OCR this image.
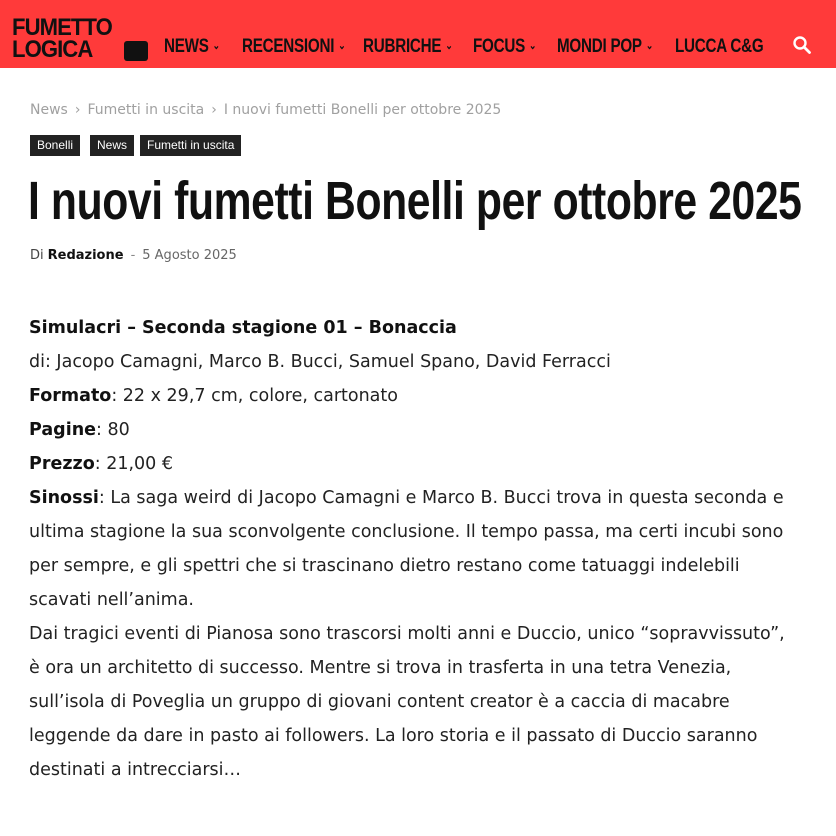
FUMETTO
LOGICA	NEWS ⌄ RECENSIONI ⌄ RUBRICHE ⌄ FOCUS ⌄ MONDI POP ⌄ LUCCA C&G
News › Fumetti in uscita › I nuovi fumetti Bonelli per ottobre 2025
Bonelli	News	Fumetti in uscita
I nuovi fumetti Bonelli per ottobre 2025
Di Redazione - 5 Agosto 2025
Simulacri – Seconda stagione 01 – Bonaccia
di: Jacopo Camagni, Marco B. Bucci, Samuel Spano, David Ferracci
Formato: 22 x 29,7 cm, colore, cartonato
Pagine: 80
Prezzo: 21,00 €
Sinossi: La saga weird di Jacopo Camagni e Marco B. Bucci trova in questa seconda e
ultima stagione la sua sconvolgente conclusione. Il tempo passa, ma certi incubi sono
per sempre, e gli spettri che si trascinano dietro restano come tatuaggi indelebili
scavati nell’anima.
Dai tragici eventi di Pianosa sono trascorsi molti anni e Duccio, unico “sopravvissuto”,
è ora un architetto di successo. Mentre si trova in trasferta in una tetra Venezia,
sull’isola di Poveglia un gruppo di giovani content creator è a caccia di macabre
leggende da dare in pasto ai followers. La loro storia e il passato di Duccio saranno
destinati a intrecciarsi…
